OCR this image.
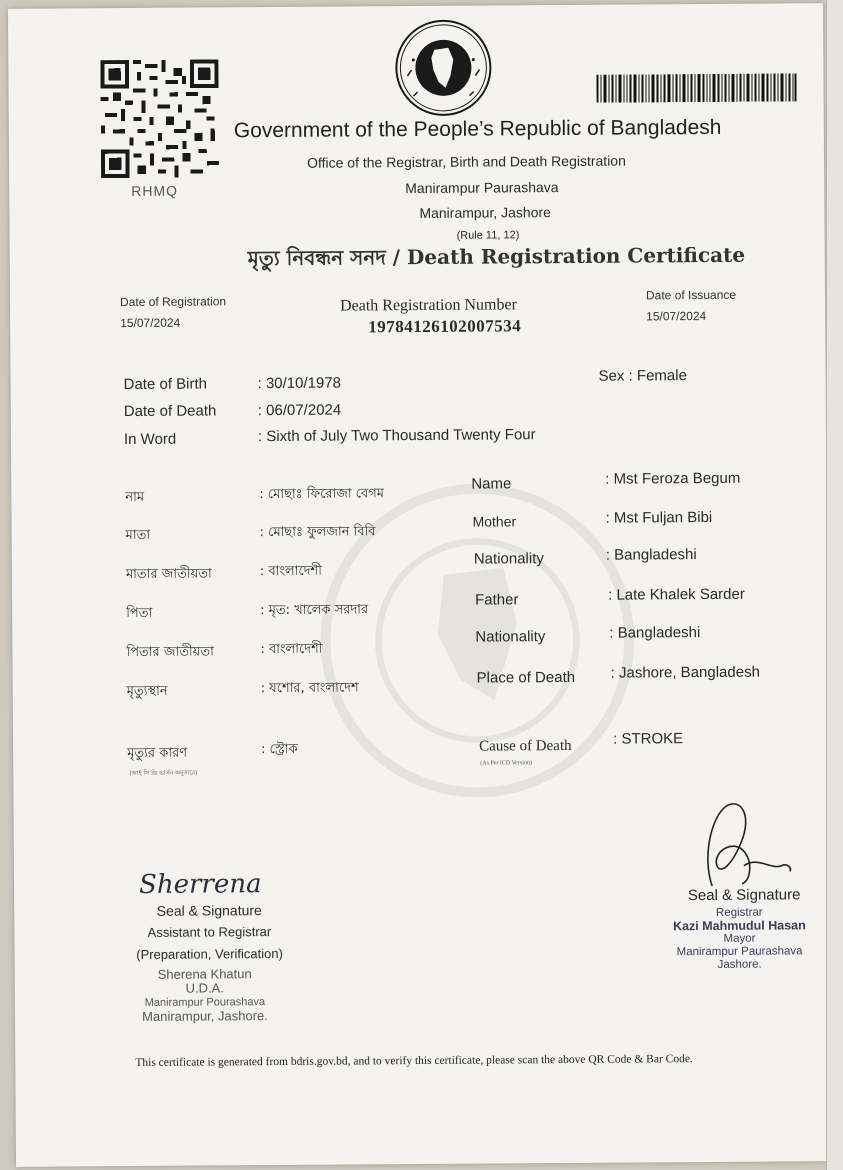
RHMQ
Government of the People’s Republic of Bangladesh
Office of the Registrar, Birth and Death Registration
Manirampur Paurashava
Manirampur, Jashore
(Rule 11, 12)
মৃত্যু নিবন্ধন সনদ / Death Registration Certificate
Date of Registration
15/07/2024
Death Registration Number
19784126102007534
Date of Issuance
15/07/2024
Date of Birth	: 30/10/1978
Date of Death	: 06/07/2024
In Word	: Sixth of July Two Thousand Twenty Four
Sex : Female
নাম	: মোছাঃ ফিরোজা বেগম
মাতা	: মোছাঃ ফুলজান বিবি
মাতার জাতীয়তা	: বাংলাদেশী
পিতা	: মৃত: খালেক সরদার
পিতার জাতীয়তা	: বাংলাদেশী
মৃত্যুস্থান	: যশোর, বাংলাদেশ
মৃত্যুর কারণ
(আই সি ডি ভার্সন অনুসারে)
: স্ট্রোক
Name	: Mst Feroza Begum
Mother	: Mst Fuljan Bibi
Nationality	: Bangladeshi
Father	: Late Khalek Sarder
Nationality	: Bangladeshi
Place of Death : Jashore, Bangladesh
Cause of Death
(As Per ICD Version)
: STROKE
Sherrena
Seal & Signature
Assistant to Registrar
(Preparation, Verification)
Sherena Khatun
U.D.A.
Manirampur Pourashava
Manirampur, Jashore.
Seal & Signature
Registrar
Kazi Mahmudul Hasan
Mayor
Manirampur Paurashava
Jashore.
This certificate is generated from bdris.gov.bd, and to verify this certificate, please scan the above QR Code & Bar Code.
